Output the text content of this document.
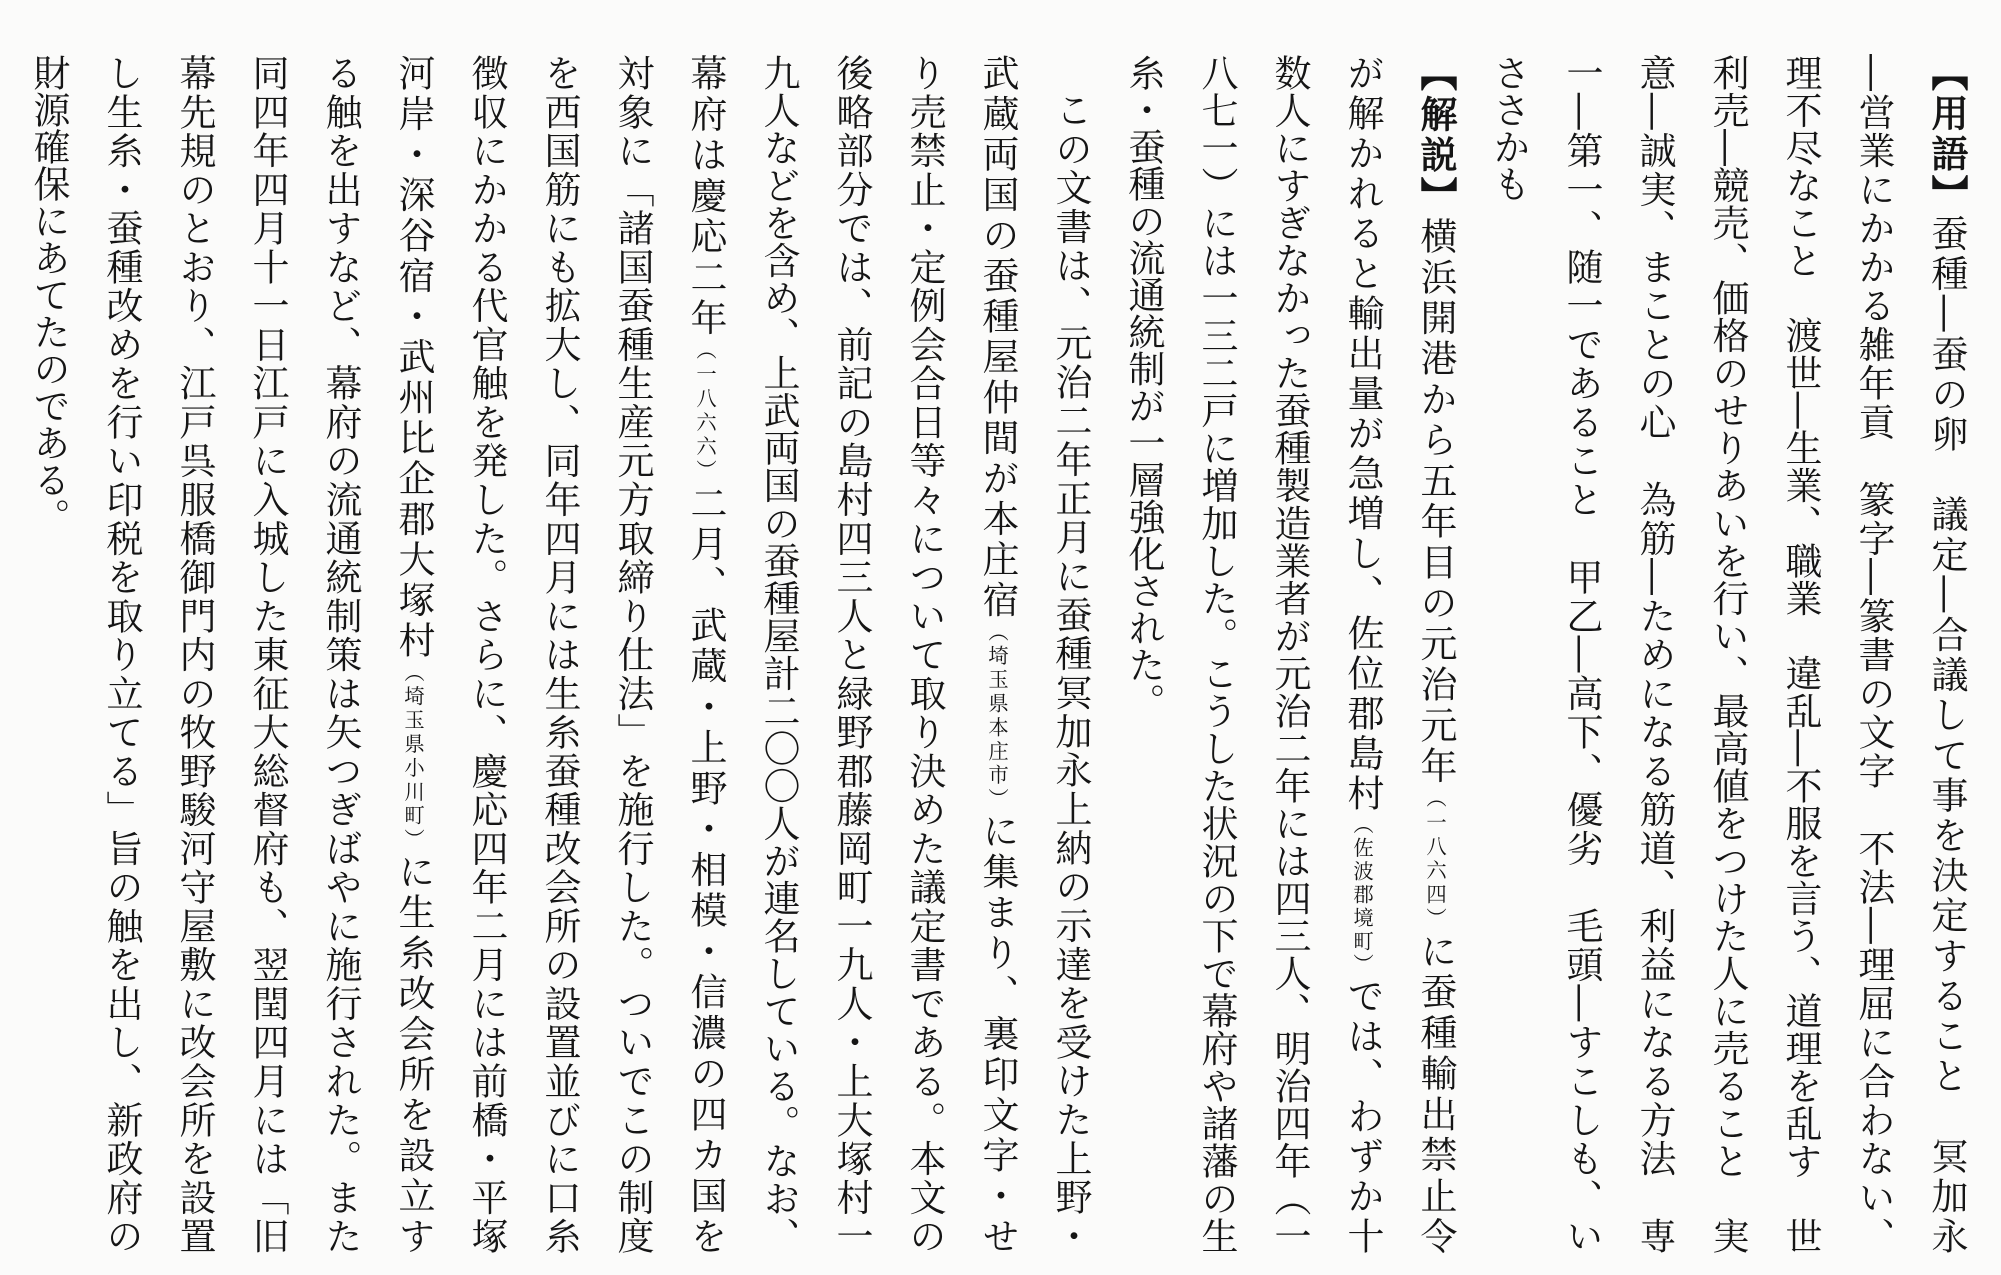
【用語】蚕種―蚕の卵　議定―合議して事を決定すること　冥加永
―営業にかかる雑年貢　篆字―篆書の文字　不法―理屈に合わない、
理不尽なこと　渡世―生業、職業　違乱―不服を言う、道理を乱す　世
利売―競売、価格のせりあいを行い、最高値をつけた人に売ること　実
意―誠実、まことの心　為筋―ためになる筋道、利益になる方法　専
一―第一、随一であること　甲乙―高下、優劣　毛頭―すこしも、い
ささかも
【解説】横浜開港から五年目の元治元年（一八六四）に蚕種輸出禁止令
が解かれると輸出量が急増し、佐位郡島村（佐波郡境町）では、わずか十
数人にすぎなかった蚕種製造業者が元治二年には四三人、明治四年（一
八七一）には一三二戸に増加した。こうした状況の下で幕府や諸藩の生
糸・蚕種の流通統制が一層強化された。
この文書は、元治二年正月に蚕種冥加永上納の示達を受けた上野・
武蔵両国の蚕種屋仲間が本庄宿（埼玉県本庄市）に集まり、裏印文字・せ
り売禁止・定例会合日等々について取り決めた議定書である。本文の
後略部分では、前記の島村四三人と緑野郡藤岡町一九人・上大塚村一
九人などを含め、上武両国の蚕種屋計二〇〇人が連名している。なお、
幕府は慶応二年（一八六六）二月、武蔵・上野・相模・信濃の四カ国を
対象に「諸国蚕種生産元方取締り仕法」を施行した。ついでこの制度
を西国筋にも拡大し、同年四月には生糸蚕種改会所の設置並びに口糸
徴収にかかる代官触を発した。さらに、慶応四年二月には前橋・平塚
河岸・深谷宿・武州比企郡大塚村（埼玉県小川町）に生糸改会所を設立す
る触を出すなど、幕府の流通統制策は矢つぎばやに施行された。また
同四年四月十一日江戸に入城した東征大総督府も、翌閏四月には「旧
幕先規のとおり、江戸呉服橋御門内の牧野駿河守屋敷に改会所を設置
し生糸・蚕種改めを行い印税を取り立てる」旨の触を出し、新政府の
財源確保にあてたのである。
